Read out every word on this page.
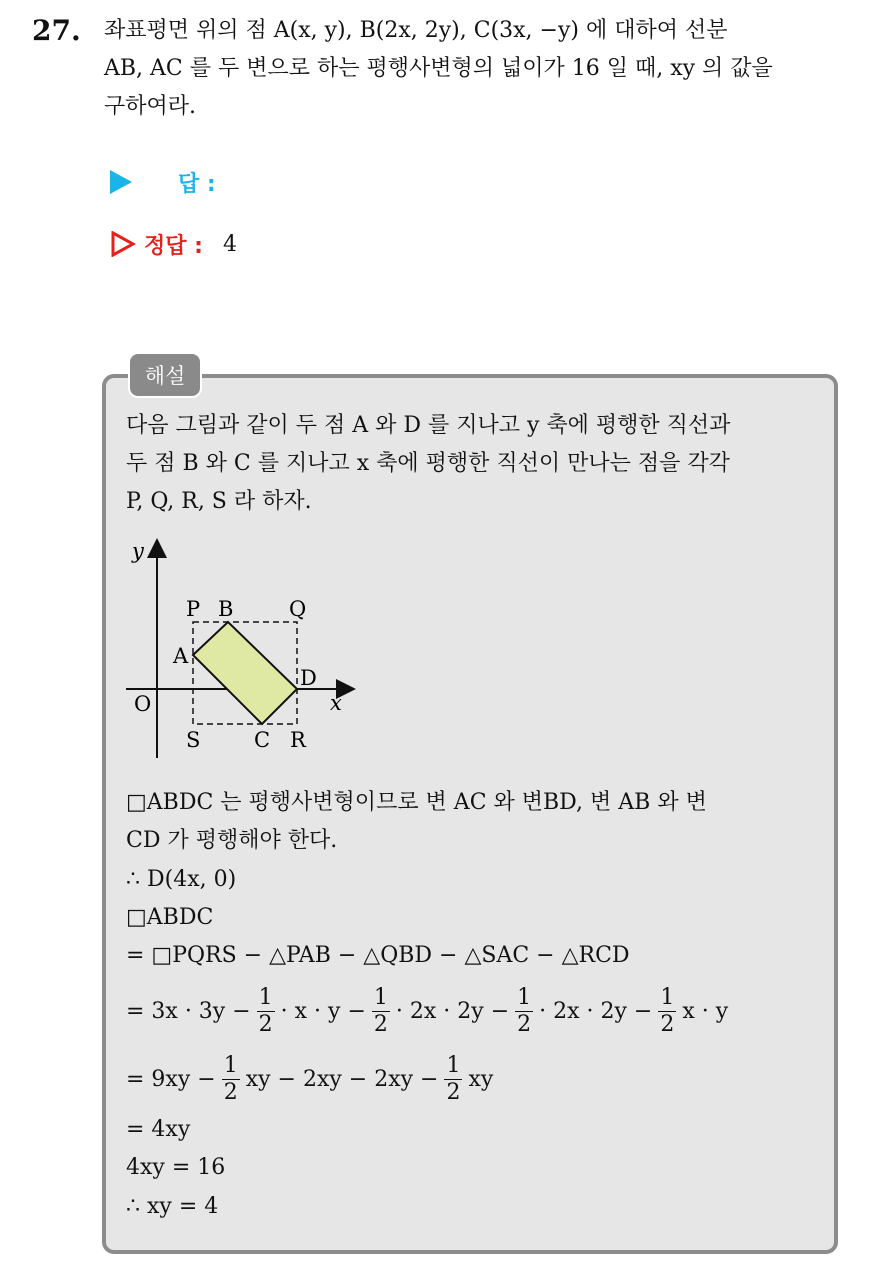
27. 좌표평면 위의 점 A(x, y), B(2x, 2y), C(3x, −y) 에 대하여 선분

AB, AC 를 두 변으로 하는 평행사변형의 넓이가 16 일 때, xy 의 값을

구하여라.

답 :
정답 : 4
해설

다음 그림과 같이 두 점 A 와 D 를 지나고 y 축에 평행한 직선과

두 점 B 와 C 를 지나고 x 축에 평행한 직선이 만나는 점을 각각

P, Q, R, S 라 하자.

y
x
O
P B	Q
A
D
S	C R
□ABDC 는 평행사변형이므로 변 AC 와 변BD, 변 AB 와 변
CD 가 평행해야 한다.
∴ D(4x, 0)
□ABDC
= □PQRS − △PAB − △QBD − △SAC − △RCD
= $3x \cdot 3y - \frac{1}{2} \cdot x \cdot y - \frac{1}{2} \cdot 2x \cdot 2y - \frac{1}{2} \cdot 2x \cdot 2y - \frac{1}{2}$ x · y
= $9xy - \frac{1}{2}$ xy − $2xy - 2xy - \frac{1}{2}$ xy
= 4xy
4xy = 16
∴ xy = 4
